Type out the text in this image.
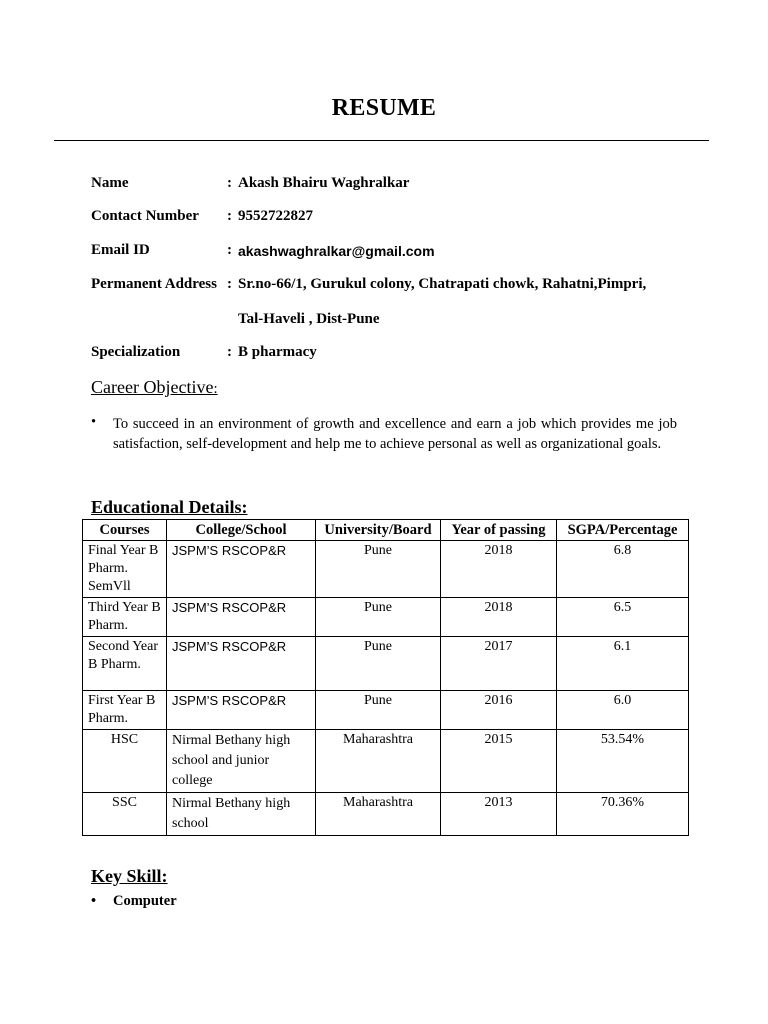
RESUME
Name	: Akash Bhairu Waghralkar
Contact Number : 9552722827
Email ID	: akashwaghralkar@gmail.com
Permanent Address : Sr.no-66/1, Gurukul colony, Chatrapati chowk, Rahatni,Pimpri,
Tal-Haveli , Dist-Pune
Specialization	: B pharmacy
Career Objective:
• To succeed in an environment of growth and excellence and earn a job which provides me job satisfaction, self-development and help me to achieve personal as well as organizational goals.
Educational Details:
Courses	College/School	University/Board	Year of passing	SGPA/Percentage
Final Year B Pharm. SemVll	JSPM’S RSCOP&R	Pune	2018	6.8
Third Year B Pharm.	JSPM’S RSCOP&R	Pune	2018	6.5
Second Year B Pharm.	JSPM’S RSCOP&R	Pune	2017	6.1
First Year B Pharm.	JSPM’S RSCOP&R	Pune	2016	6.0
HSC	Nirmal Bethany high school and junior college	Maharashtra	2015	53.54%
SSC	Nirmal Bethany high school	Maharashtra	2013	70.36%
Key Skill:
• Computer
